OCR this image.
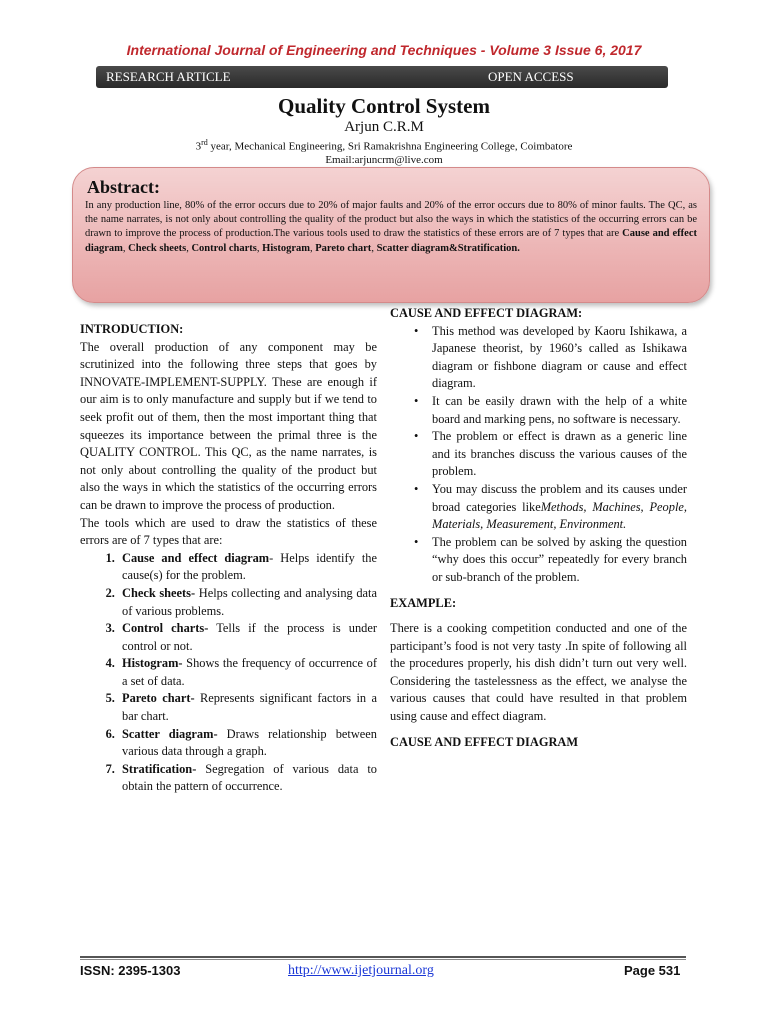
International Journal of Engineering and Techniques - Volume 3 Issue 6, 2017
RESEARCH ARTICLE	OPEN ACCESS
Quality Control System
Arjun C.R.M
3rd year, Mechanical Engineering, Sri Ramakrishna Engineering College, Coimbatore
Email:arjuncrm@live.com
Abstract:

In any production line, 80% of the error occurs due to 20% of major faults and 20% of the error occurs due to 80% of minor faults. The QC, as the name narrates, is not only about controlling the quality of the product but also the ways in which the statistics of the occurring errors can be drawn to improve the process of production.The various tools used to draw the statistics of these errors are of 7 types that are Cause and effect diagram, Check sheets, Control charts, Histogram, Pareto chart, Scatter diagram&Stratification.

INTRODUCTION:
The overall production of any component may be scrutinized into the following three steps that goes by INNOVATE-IMPLEMENT-SUPPLY. These are enough if our aim is to only manufacture and supply but if we tend to seek profit out of them, then the most important thing that squeezes its importance between the primal three is the QUALITY CONTROL. This QC, as the name narrates, is not only about controlling the quality of the product but also the ways in which the statistics of the occurring errors can be drawn to improve the process of production.
The tools which are used to draw the statistics of these errors are of 7 types that are:
1. Cause and effect diagram- Helps identify the cause(s) for the problem.
2. Check sheets- Helps collecting and analysing data of various problems.
3. Control charts- Tells if the process is under control or not.
4. Histogram- Shows the frequency of occurrence of a set of data.
5. Pareto chart- Represents significant factors in a bar chart.
6. Scatter diagram- Draws relationship between various data through a graph.
7. Stratification- Segregation of various data to obtain the pattern of occurrence.
CAUSE AND EFFECT DIAGRAM:
• This method was developed by Kaoru Ishikawa, a Japanese theorist, by 1960’s called as Ishikawa diagram or fishbone diagram or cause and effect diagram.
• It can be easily drawn with the help of a white board and marking pens, no software is necessary.
• The problem or effect is drawn as a generic line and its branches discuss the various causes of the problem.
• You may discuss the problem and its causes under broad categories likeMethods, Machines, People, Materials, Measurement, Environment.
• The problem can be solved by asking the question “why does this occur” repeatedly for every branch or sub-branch of the problem.
EXAMPLE:
There is a cooking competition conducted and one of the participant’s food is not very tasty .In spite of following all the procedures properly, his dish didn’t turn out very well. Considering the tastelessness as the effect, we analyse the various causes that could have resulted in that problem using cause and effect diagram.
CAUSE AND EFFECT DIAGRAM
ISSN: 2395-1303	http://www.ijetjournal.org	Page 531
